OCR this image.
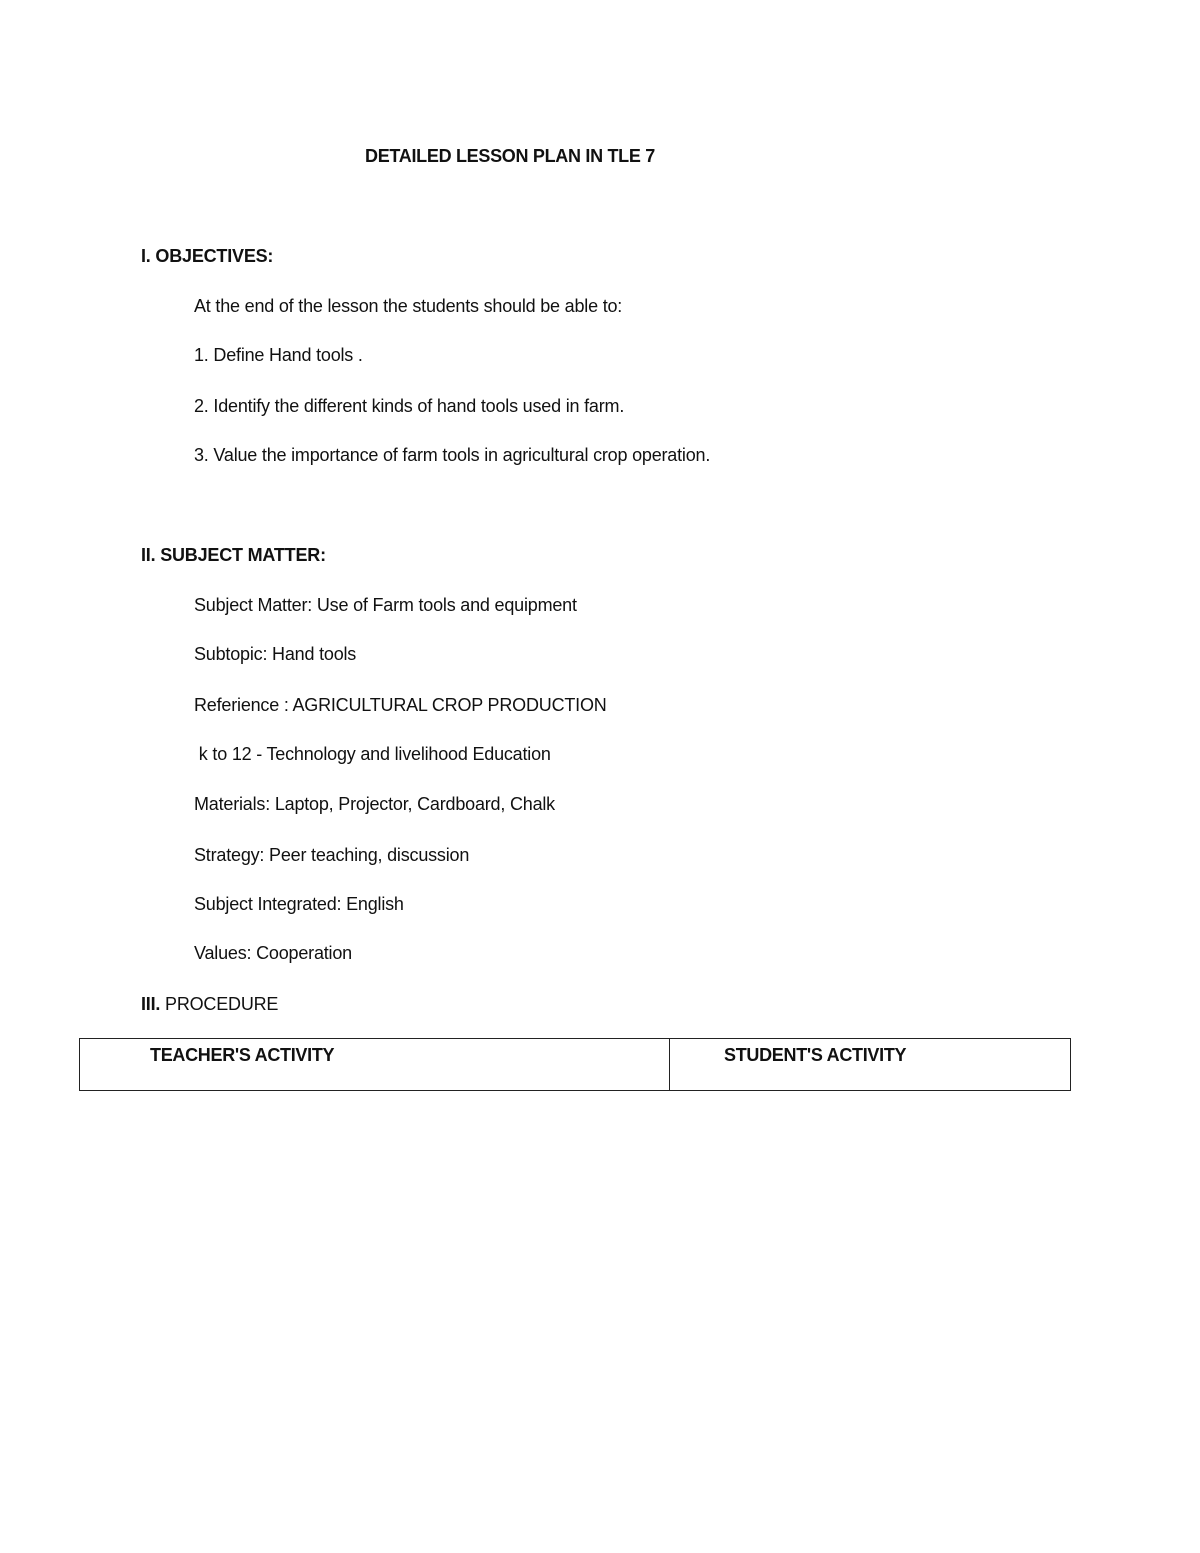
DETAILED LESSON PLAN IN TLE 7
I. OBJECTIVES:
At the end of the lesson the students should be able to:
1. Define Hand tools .
2. Identify the different kinds of hand tools used in farm.
3. Value the importance of farm tools in agricultural crop operation.
II. SUBJECT MATTER:
Subject Matter: Use of Farm tools and equipment
Subtopic: Hand tools
Referience : AGRICULTURAL CROP PRODUCTION
k to 12 - Technology and livelihood Education
Materials: Laptop, Projector, Cardboard, Chalk
Strategy: Peer teaching, discussion
Subject Integrated: English
Values: Cooperation
III. PROCEDURE
TEACHER'S ACTIVITY	STUDENT'S ACTIVITY
